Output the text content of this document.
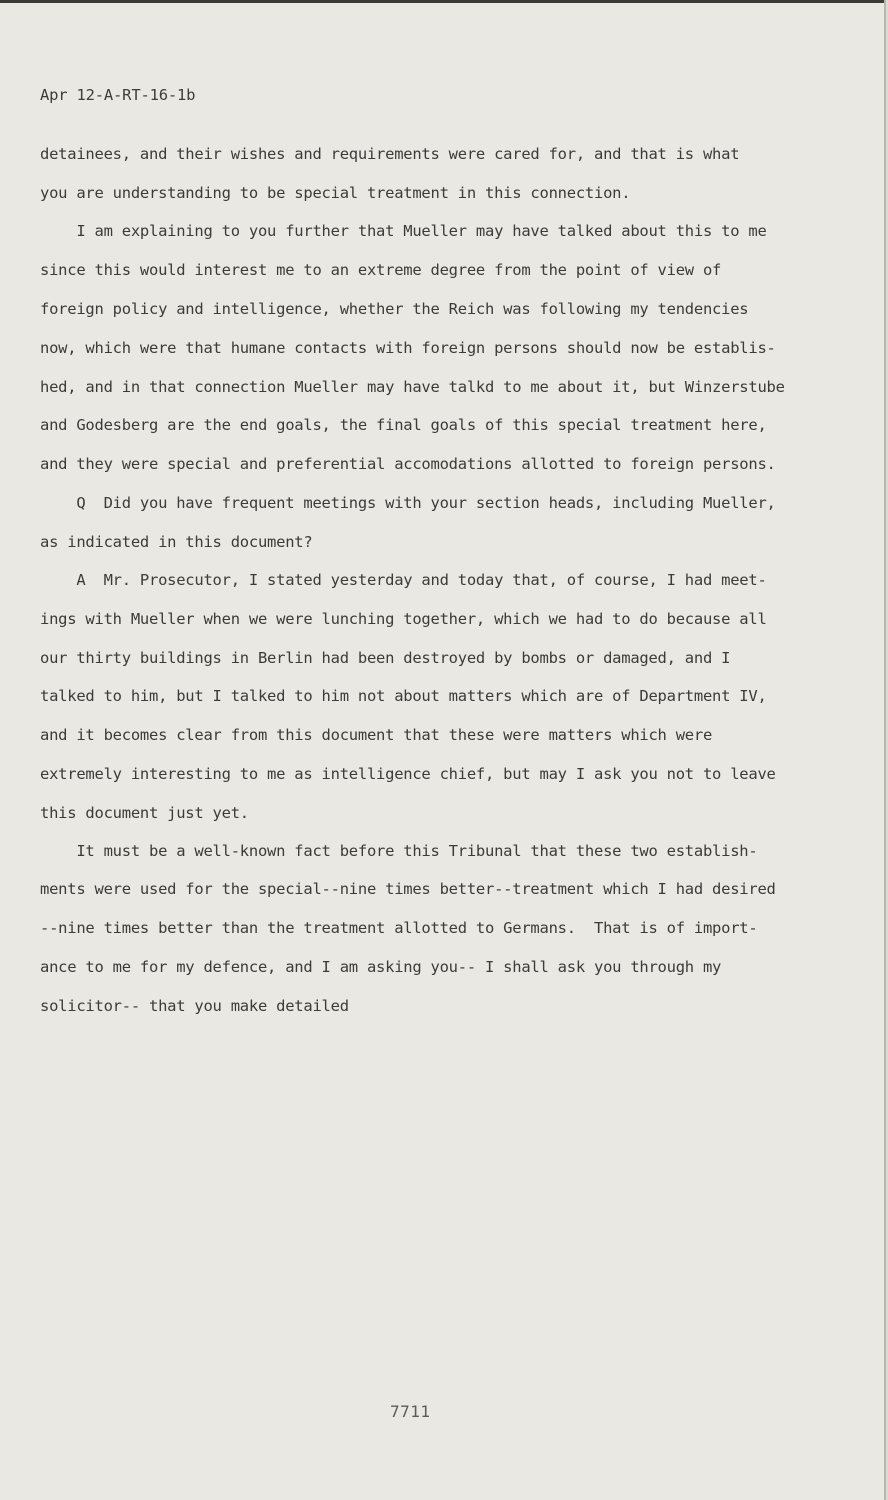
Apr 12-A-RT-16-1b
detainees, and their wishes and requirements were cared for, and that is what
you are understanding to be special treatment in this connection.
I am explaining to you further that Mueller may have talked about this to me
since this would interest me to an extreme degree from the point of view of
foreign policy and intelligence, whether the Reich was following my tendencies
now, which were that humane contacts with foreign persons should now be establis-
hed, and in that connection Mueller may have talkd to me about it, but Winzerstube
and Godesberg are the end goals, the final goals of this special treatment here,
and they were special and preferential accomodations allotted to foreign persons.
Q  Did you have frequent meetings with your section heads, including Mueller,
as indicated in this document?
A  Mr. Prosecutor, I stated yesterday and today that, of course, I had meet-
ings with Mueller when we were lunching together, which we had to do because all
our thirty buildings in Berlin had been destroyed by bombs or damaged, and I
talked to him, but I talked to him not about matters which are of Department IV,
and it becomes clear from this document that these were matters which were
extremely interesting to me as intelligence chief, but may I ask you not to leave
this document just yet.
It must be a well-known fact before this Tribunal that these two establish-
ments were used for the special--nine times better--treatment which I had desired
--nine times better than the treatment allotted to Germans.  That is of import-
ance to me for my defence, and I am asking you-- I shall ask you through my
solicitor-- that you make detailed
7711
